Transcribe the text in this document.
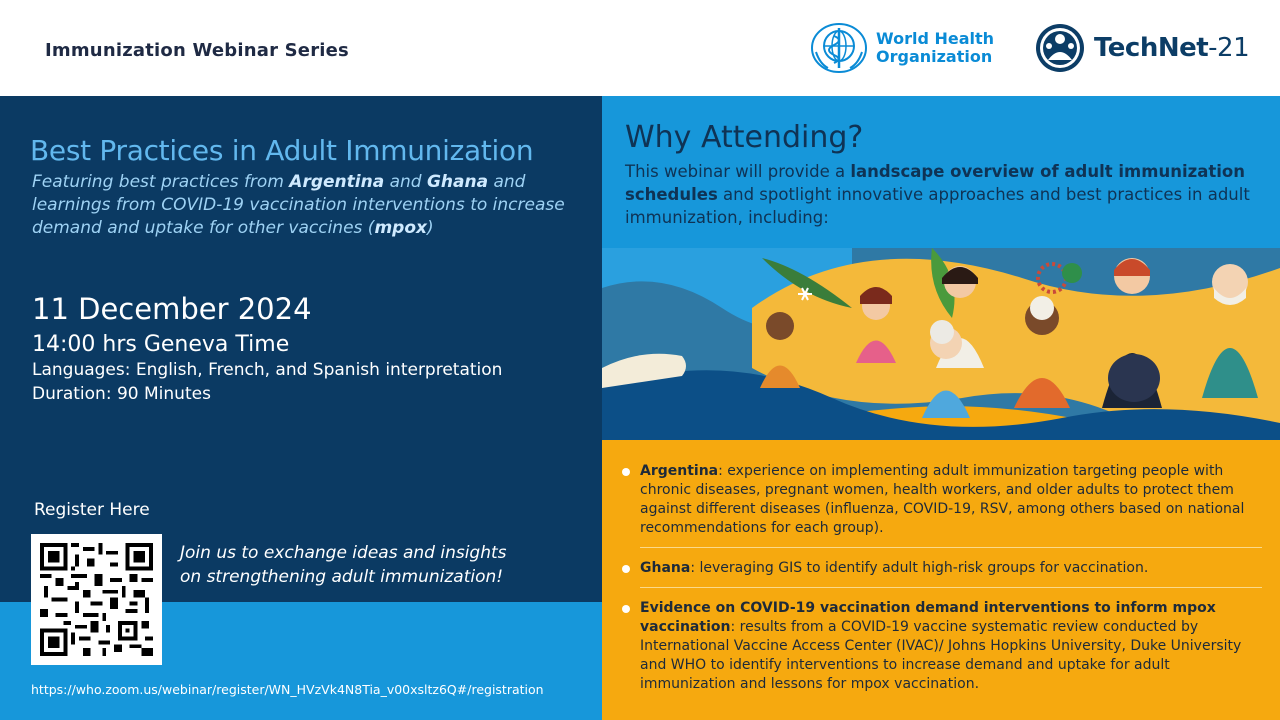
Immunization Webinar Series
World Health
Organization	TechNet-21
Best Practices in Adult Immunization
Featuring best practices from Argentina and Ghana and learnings from COVID-19 vaccination interventions to increase demand and uptake for other vaccines (mpox)
11 December 2024
14:00 hrs Geneva Time
Languages: English, French, and Spanish interpretation
Duration: 90 Minutes
Register Here
Join us to exchange ideas and insights
on strengthening adult immunization!
https://who.zoom.us/webinar/register/WN_HVzVk4N8Tia_v00xsltz6Q#/registration
Why Attending?
This webinar will provide a landscape overview of adult immunization schedules and spotlight innovative approaches and best practices in adult immunization, including:
Argentina: experience on implementing adult immunization targeting people with chronic diseases, pregnant women, health workers, and older adults to protect them against different diseases (influenza, COVID-19, RSV, among others based on national recommendations for each group).
Ghana: leveraging GIS to identify adult high-risk groups for vaccination.
Evidence on COVID-19 vaccination demand interventions to inform mpox vaccination: results from a COVID-19 vaccine systematic review conducted by International Vaccine Access Center (IVAC)/ Johns Hopkins University, Duke University and WHO to identify interventions to increase demand and uptake for adult immunization and lessons for mpox vaccination.
